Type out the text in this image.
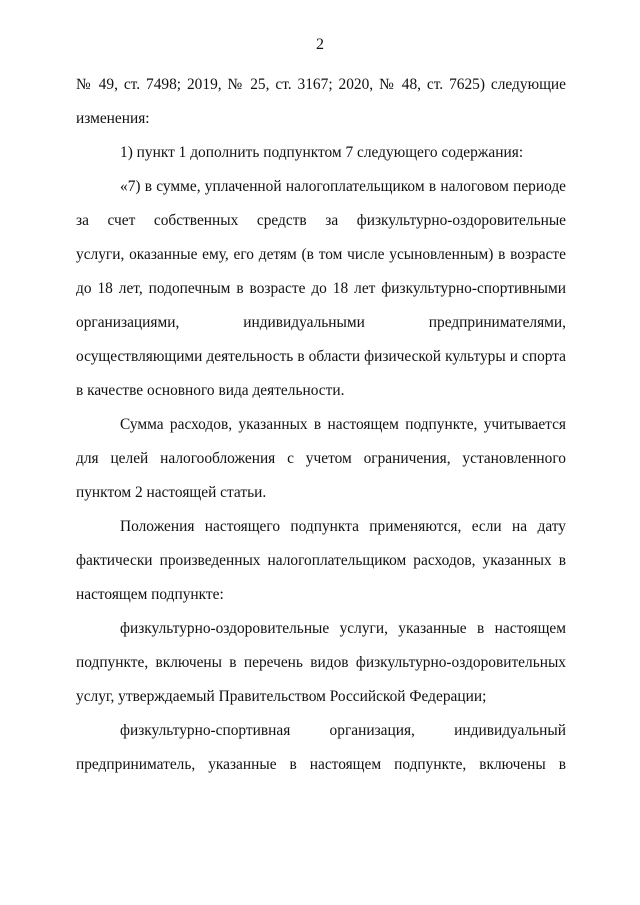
2
№ 49, ст. 7498; 2019, № 25, ст. 3167; 2020, № 48, ст. 7625) следующие
изменения:
1) пункт 1 дополнить подпунктом 7 следующего содержания:
«7) в сумме, уплаченной налогоплательщиком в налоговом периоде
за счет собственных средств за физкультурно-оздоровительные
услуги, оказанные ему, его детям (в том числе усыновленным) в возрасте
до 18 лет, подопечным в возрасте до 18 лет физкультурно-спортивными
организациями, индивидуальными предпринимателями,
осуществляющими деятельность в области физической культуры и спорта
в качестве основного вида деятельности.
Сумма расходов, указанных в настоящем подпункте, учитывается
для целей налогообложения с учетом ограничения, установленного
пунктом 2 настоящей статьи.
Положения настоящего подпункта применяются, если на дату
фактически произведенных налогоплательщиком расходов, указанных в
настоящем подпункте:
физкультурно-оздоровительные услуги, указанные в настоящем
подпункте, включены в перечень видов физкультурно-оздоровительных
услуг, утверждаемый Правительством Российской Федерации;
физкультурно-спортивная организация, индивидуальный
предприниматель, указанные в настоящем подпункте, включены в
